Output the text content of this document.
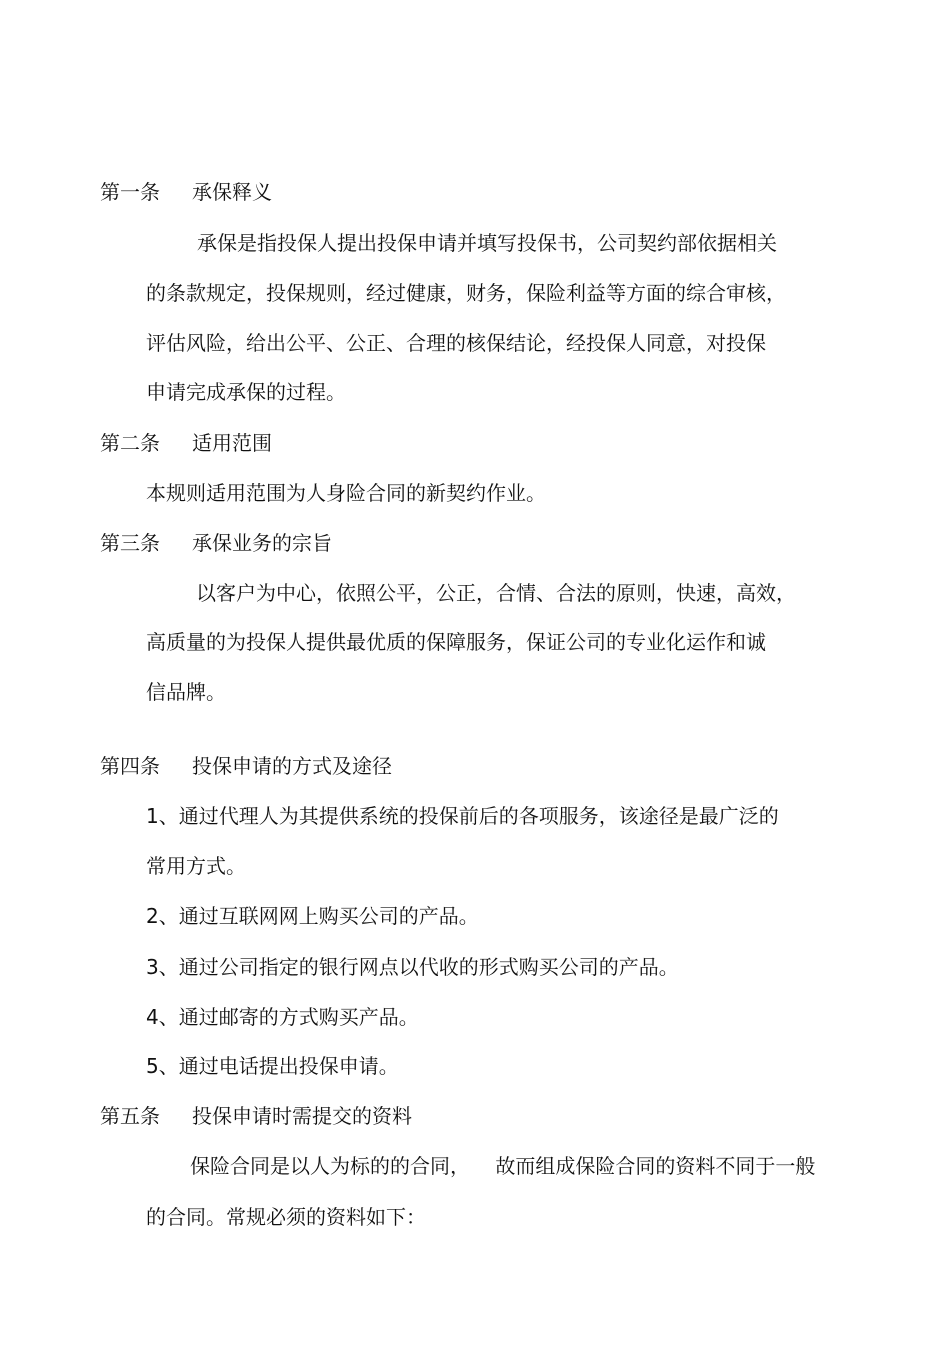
第一条 承保释义
承保是指投保人提出投保申请并填写投保书，公司契约部依据相关
的条款规定，投保规则，经过健康，财务，保险利益等方面的综合审核，
评估风险，给出公平、公正、合理的核保结论，经投保人同意，对投保
申请完成承保的过程。
第二条 适用范围
本规则适用范围为人身险合同的新契约作业。
第三条 承保业务的宗旨
以客户为中心，依照公平，公正，合情、合法的原则，快速，高效，
高质量的为投保人提供最优质的保障服务，保证公司的专业化运作和诚
信品牌。
第四条 投保申请的方式及途径
1、通过代理人为其提供系统的投保前后的各项服务，该途径是最广泛的
常用方式。
2、通过互联网网上购买公司的产品。
3、通过公司指定的银行网点以代收的形式购买公司的产品。
4、通过邮寄的方式购买产品。
5、通过电话提出投保申请。
第五条 投保申请时需提交的资料
保险合同是以人为标的的合同，    故而组成保险合同的资料不同于一般
的合同。常规必须的资料如下：
